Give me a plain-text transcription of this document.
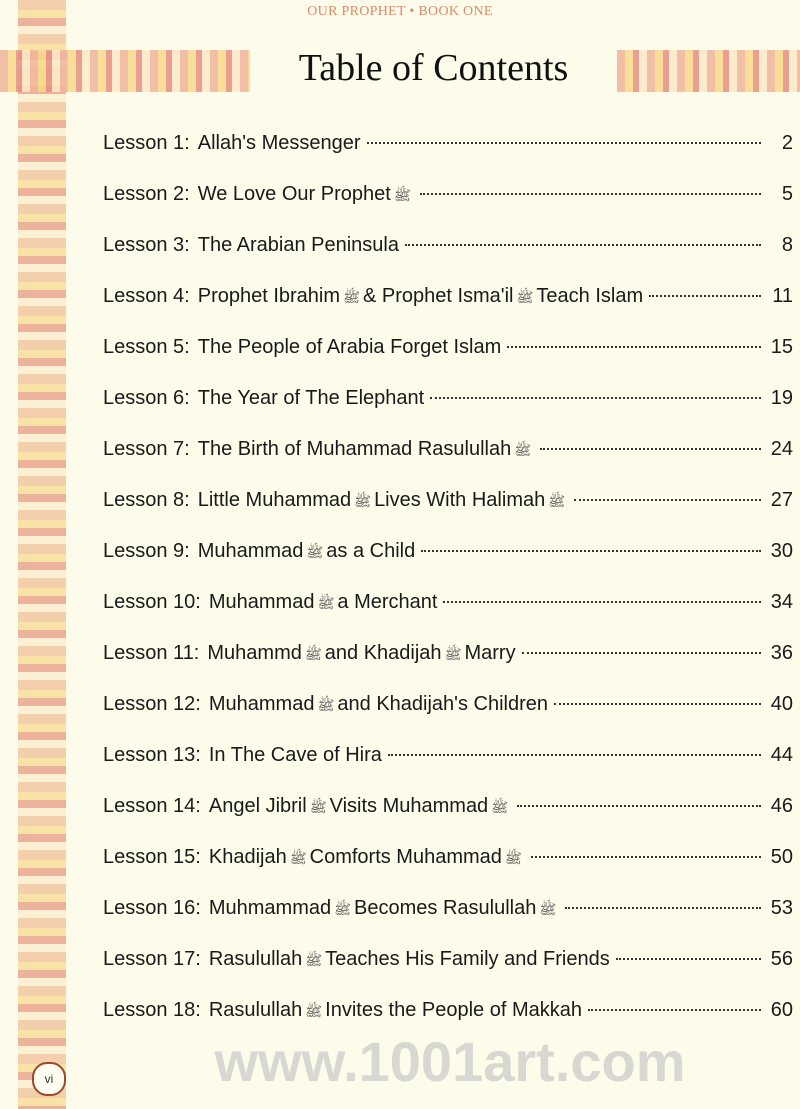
OUR PROPHET • BOOK ONE
Table of Contents
Lesson 1: Allah's Messenger	2
Lesson 2: We Love Our Prophet ﷺ	5
Lesson 3: The Arabian Peninsula	8
Lesson 4: Prophet Ibrahim ﷺ & Prophet Isma'il ﷺ Teach Islam	11
Lesson 5: The People of Arabia Forget Islam	15
Lesson 6: The Year of The Elephant	19
Lesson 7: The Birth of Muhammad Rasulullah ﷺ	24
Lesson 8: Little Muhammad ﷺ Lives With Halimah ﷺ	27
Lesson 9: Muhammad ﷺ as a Child	30
Lesson 10: Muhammad ﷺ a Merchant	34
Lesson 11: Muhammd ﷺ and Khadijah ﷺ Marry	36
Lesson 12: Muhammad ﷺ and Khadijah's Children	40
Lesson 13: In The Cave of Hira	44
Lesson 14: Angel Jibril ﷺ Visits Muhammad ﷺ	46
Lesson 15: Khadijah ﷺ Comforts Muhammad ﷺ	50
Lesson 16: Muhmammad ﷺ Becomes Rasulullah ﷺ	53
Lesson 17: Rasulullah ﷺ Teaches His Family and Friends	56
Lesson 18: Rasulullah ﷺ Invites the People of Makkah	60
www.1001art.com
vi
